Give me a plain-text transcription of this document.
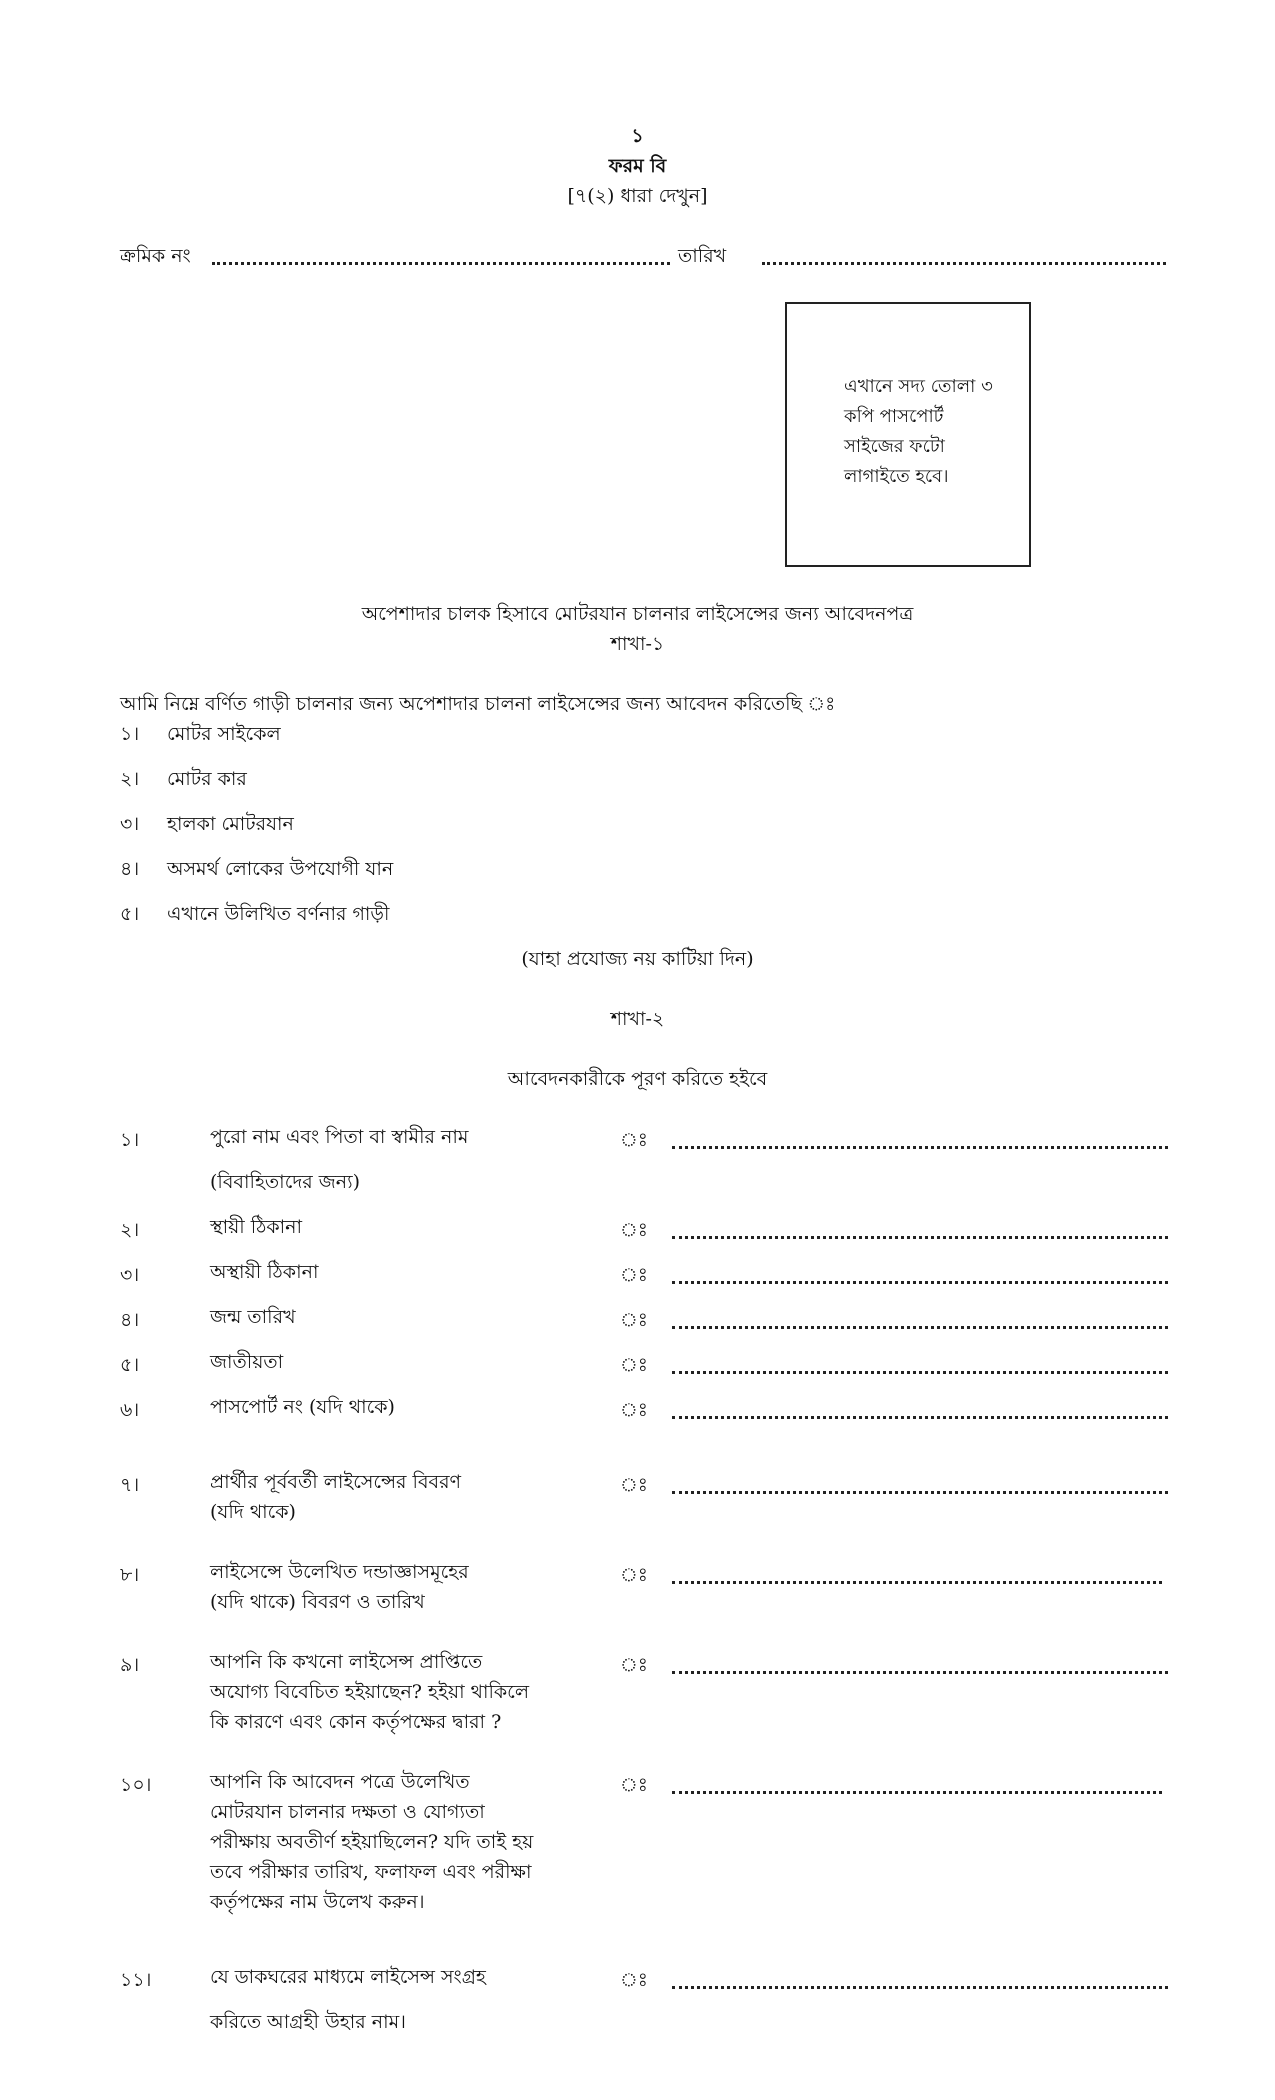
১
ফরম বি
[৭(২) ধারা দেখুন]
ক্রমিক নং	তারিখ
এখানে সদ্য তোলা ৩
কপি পাসপোর্ট
সাইজের ফটো
লাগাইতে হবে।
অপেশাদার চালক হিসাবে মোটরযান চালনার লাইসেন্সের জন্য আবেদনপত্র
শাখা-১
আমি নিম্নে বর্ণিত গাড়ী চালনার জন্য অপেশাদার চালনা লাইসেন্সের জন্য আবেদন করিতেছি ঃ
১। মোটর সাইকেল
২। মোটর কার
৩। হালকা মোটরযান
৪। অসমর্থ লোকের উপযোগী যান
৫। এখানে উলিখিত বর্ণনার গাড়ী
(যাহা প্রযোজ্য নয় কাটিয়া দিন)
শাখা-২
আবেদনকারীকে পূরণ করিতে হইবে
১।	পুরো নাম এবং পিতা বা স্বামীর নাম
(বিবাহিতাদের জন্য)
ঃ
২।	স্থায়ী ঠিকানা	ঃ
৩।	অস্থায়ী ঠিকানা	ঃ
৪।	জন্ম তারিখ	ঃ
৫।	জাতীয়তা	ঃ
৬।	পাসপোর্ট নং (যদি থাকে)	ঃ
৭।	প্রার্থীর পূর্ববর্তী লাইসেন্সের বিবরণ
(যদি থাকে)
ঃ
৮।	লাইসেন্সে উলেখিত দন্ডাজ্ঞাসমূহের
(যদি থাকে) বিবরণ ও তারিখ
ঃ
৯।	আপনি কি কখনো লাইসেন্স প্রাপ্তিতে
অযোগ্য বিবেচিত হইয়াছেন? হইয়া থাকিলে
কি কারণে এবং কোন কর্তৃপক্ষের দ্বারা ?
ঃ
১০।	আপনি কি আবেদন পত্রে উলেখিত
মোটরযান চালনার দক্ষতা ও যোগ্যতা
পরীক্ষায় অবতীর্ণ হইয়াছিলেন? যদি তাই হয়
তবে পরীক্ষার তারিখ, ফলাফল এবং পরীক্ষা
কর্তৃপক্ষের নাম উলেখ করুন।
ঃ
১১।	যে ডাকঘরের মাধ্যমে লাইসেন্স সংগ্রহ
করিতে আগ্রহী উহার নাম।
ঃ
